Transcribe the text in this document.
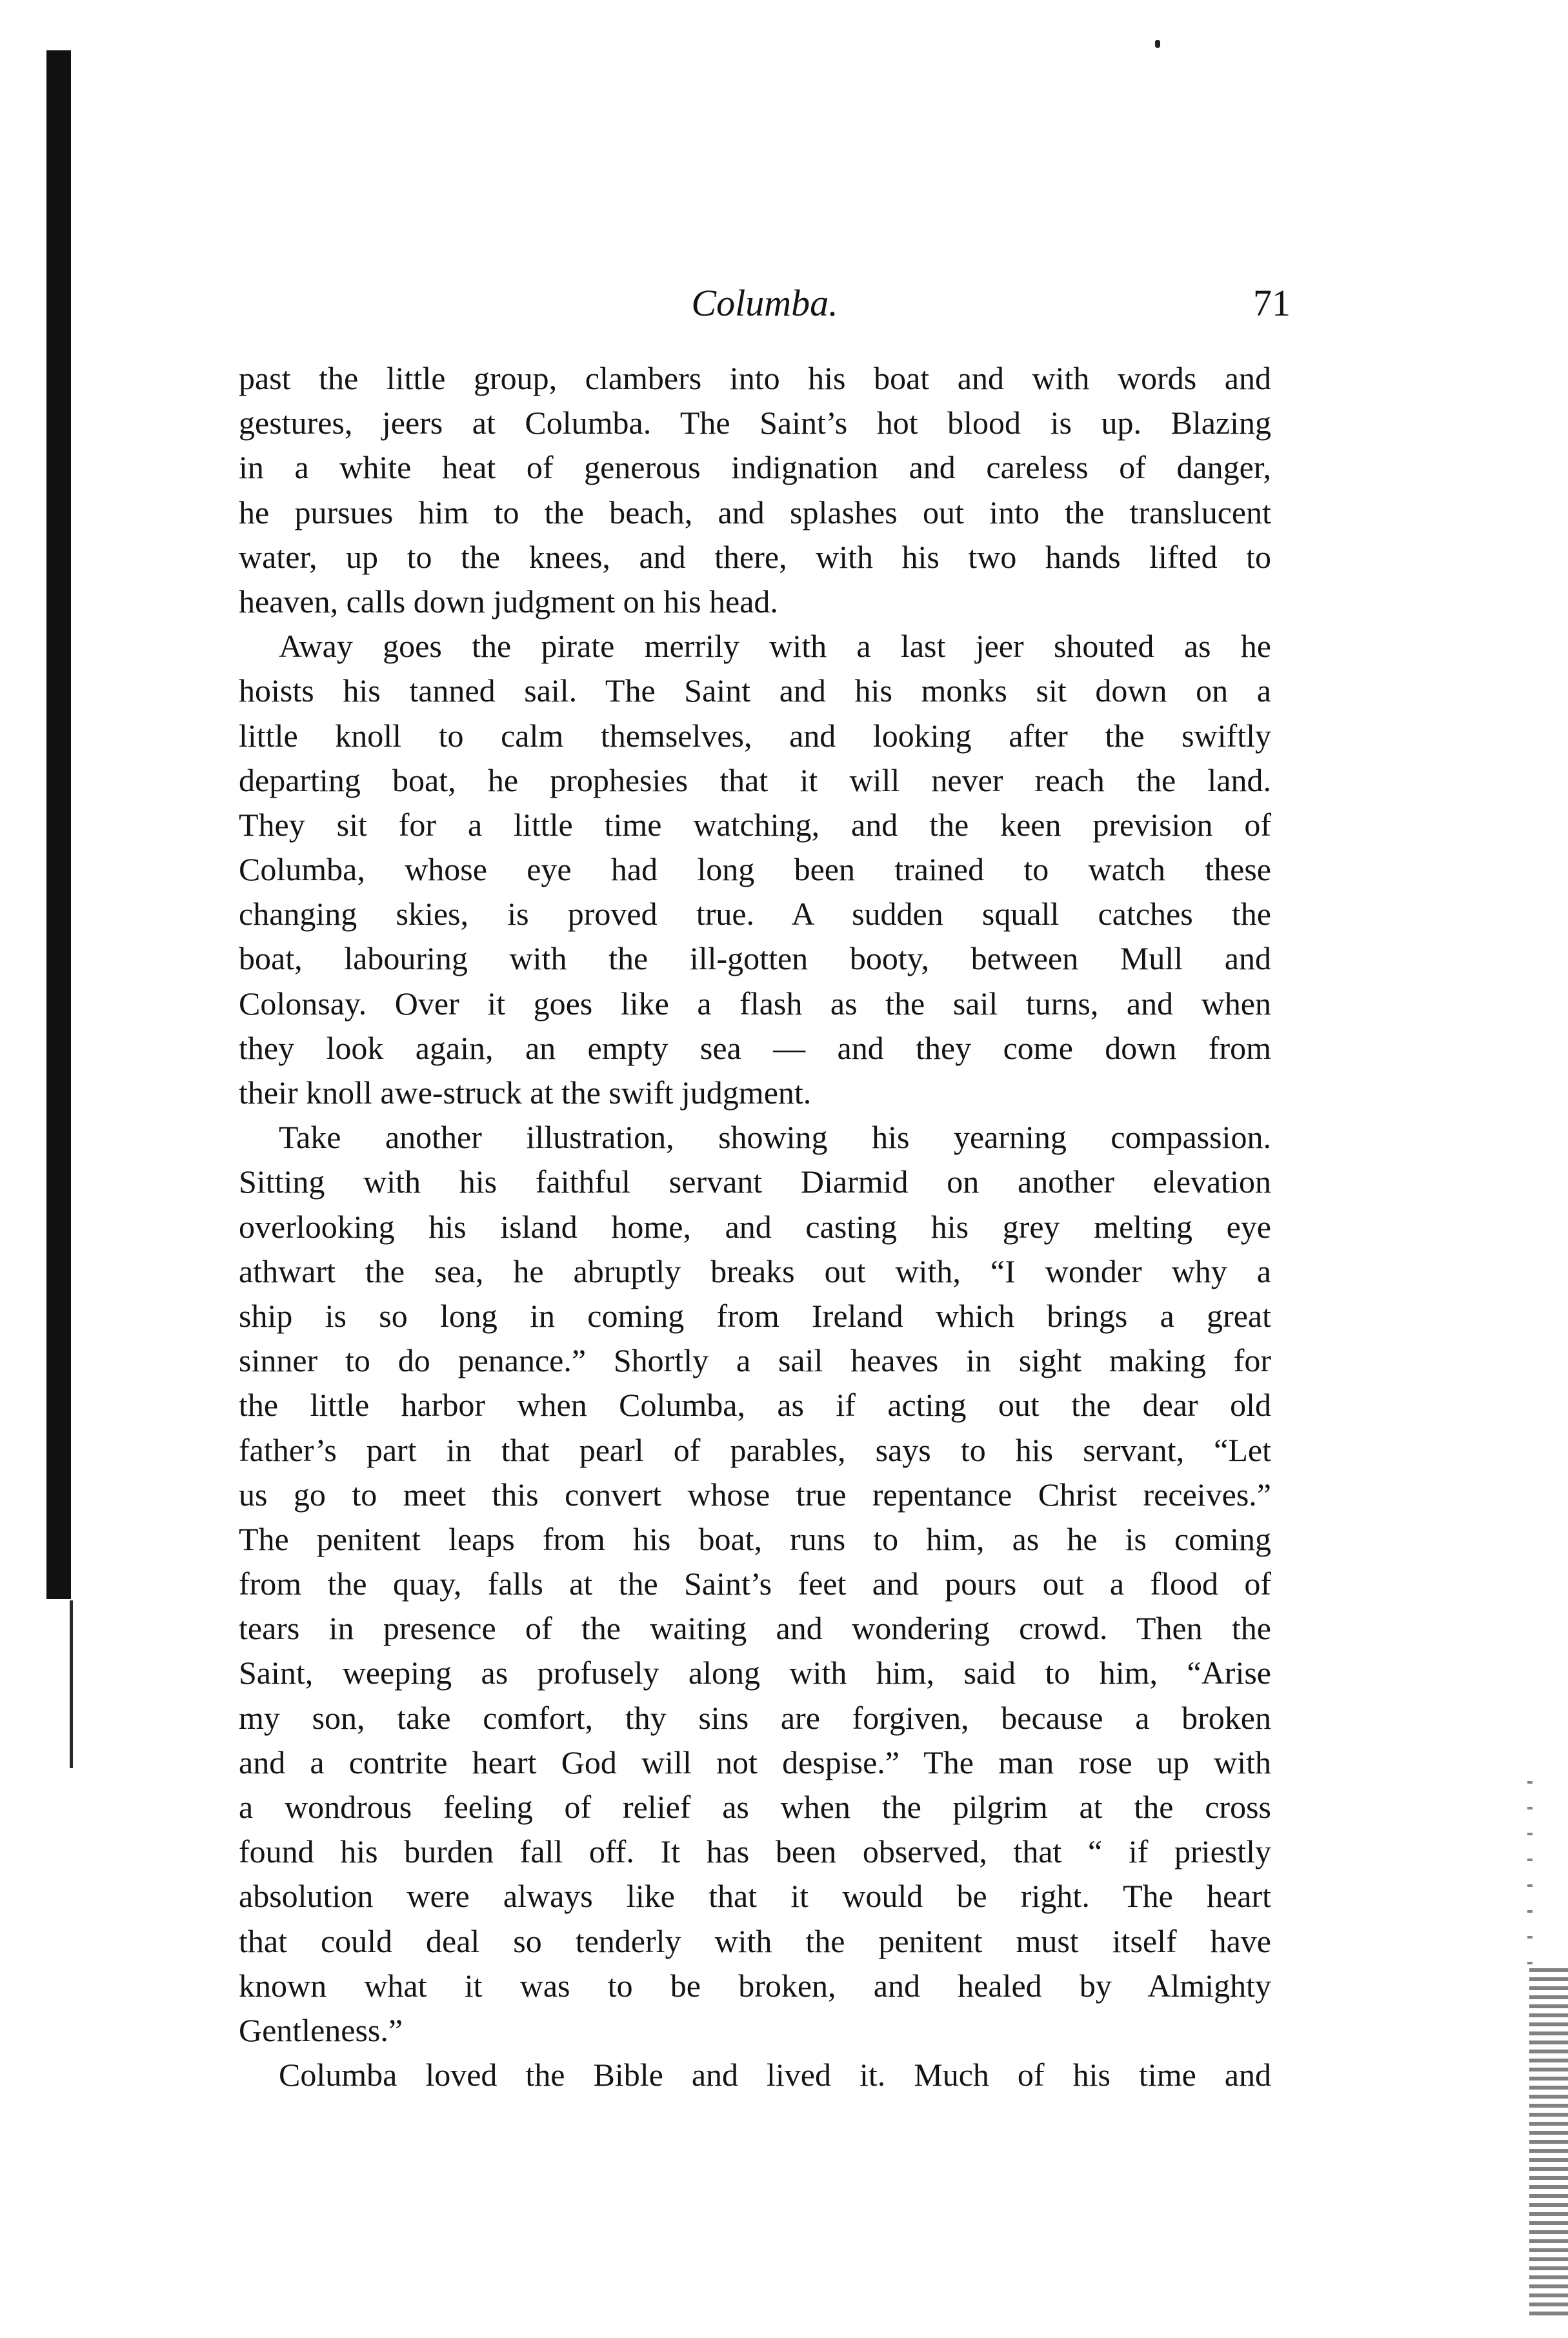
Columba.	71
past the little group, clambers into his boat and with words and
gestures, jeers at Columba. The Saint’s hot blood is up. Blazing
in a white heat of generous indignation and careless of danger,
he pursues him to the beach, and splashes out into the translucent
water, up to the knees, and there, with his two hands lifted to
heaven, calls down judgment on his head.
Away goes the pirate merrily with a last jeer shouted as he
hoists his tanned sail. The Saint and his monks sit down on a
little knoll to calm themselves, and looking after the swiftly
departing boat, he prophesies that it will never reach the land.
They sit for a little time watching, and the keen prevision of
Columba, whose eye had long been trained to watch these
changing skies, is proved true. A sudden squall catches the
boat, labouring with the ill-gotten booty, between Mull and
Colonsay. Over it goes like a flash as the sail turns, and when
they look again, an empty sea — and they come down from
their knoll awe-struck at the swift judgment.
Take another illustration, showing his yearning compassion.
Sitting with his faithful servant Diarmid on another elevation
overlooking his island home, and casting his grey melting eye
athwart the sea, he abruptly breaks out with, “I wonder why a
ship is so long in coming from Ireland which brings a great
sinner to do penance.” Shortly a sail heaves in sight making for
the little harbor when Columba, as if acting out the dear old
father’s part in that pearl of parables, says to his servant, “Let
us go to meet this convert whose true repentance Christ receives.”
The penitent leaps from his boat, runs to him, as he is coming
from the quay, falls at the Saint’s feet and pours out a flood of
tears in presence of the waiting and wondering crowd. Then the
Saint, weeping as profusely along with him, said to him, “Arise
my son, take comfort, thy sins are forgiven, because a broken
and a contrite heart God will not despise.” The man rose up with
a wondrous feeling of relief as when the pilgrim at the cross
found his burden fall off. It has been observed, that “ if priestly
absolution were always like that it would be right. The heart
that could deal so tenderly with the penitent must itself have
known what it was to be broken, and healed by Almighty
Gentleness.”
Columba loved the Bible and lived it. Much of his time and
